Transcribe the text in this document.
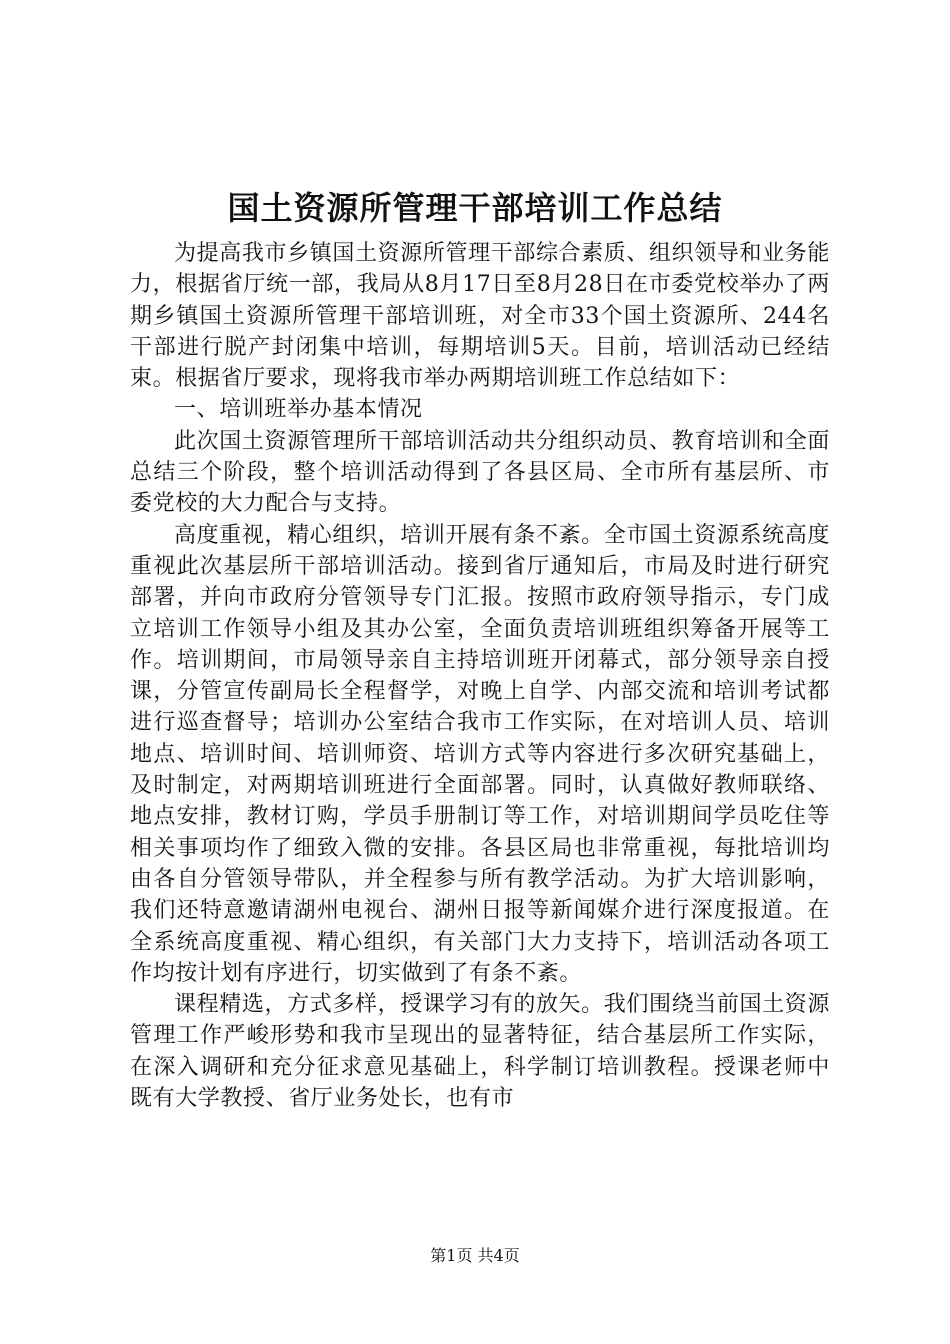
国土资源所管理干部培训工作总结

为提高我市乡镇国土资源所管理干部综合素质、组织领导和业务能力，根据省厅统一部，我局从8月17日至8月28日在市委党校举办了两期乡镇国土资源所管理干部培训班，对全市33个国土资源所、244名干部进行脱产封闭集中培训，每期培训5天。目前，培训活动已经结束。根据省厅要求，现将我市举办两期培训班工作总结如下：

一、培训班举办基本情况

此次国土资源管理所干部培训活动共分组织动员、教育培训和全面总结三个阶段，整个培训活动得到了各县区局、全市所有基层所、市委党校的大力配合与支持。

高度重视，精心组织，培训开展有条不紊。全市国土资源系统高度重视此次基层所干部培训活动。接到省厅通知后，市局及时进行研究部署，并向市政府分管领导专门汇报。按照市政府领导指示，专门成立培训工作领导小组及其办公室，全面负责培训班组织筹备开展等工作。培训期间，市局领导亲自主持培训班开闭幕式，部分领导亲自授课，分管宣传副局长全程督学，对晚上自学、内部交流和培训考试都进行巡查督导；培训办公室结合我市工作实际，在对培训人员、培训地点、培训时间、培训师资、培训方式等内容进行多次研究基础上，及时制定，对两期培训班进行全面部署。同时，认真做好教师联络、地点安排，教材订购，学员手册制订等工作，对培训期间学员吃住等相关事项均作了细致入微的安排。各县区局也非常重视，每批培训均由各自分管领导带队，并全程参与所有教学活动。为扩大培训影响，我们还特意邀请湖州电视台、湖州日报等新闻媒介进行深度报道。在全系统高度重视、精心组织，有关部门大力支持下，培训活动各项工作均按计划有序进行，切实做到了有条不紊。

课程精选，方式多样，授课学习有的放矢。我们围绕当前国土资源管理工作严峻形势和我市呈现出的显著特征，结合基层所工作实际，在深入调研和充分征求意见基础上，科学制订培训教程。授课老师中既有大学教授、省厅业务处长，也有市

第1页 共4页
